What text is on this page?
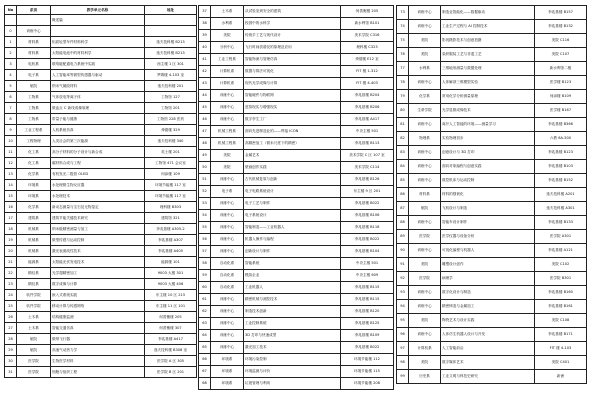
No	系别	教学单元名称	地址
		概述篇	
0	训练中心		
1	材料系	铝质轻型车件材料科学	逸夫技科楼 B213
2	材料系	太阳能电池中的材料科学	逸夫技科楼 B213
3	电机系	联络磁配通电力系统中实践	西主楼 1 区 301
4	电子系	人工智能率等微型传感器与驱动	罗姆楼 4-103 室
5	航院	纳米气凝胶材料	逸夫技科楼 201
6	工物系	气体放电等离子体	工物馆 127
7	工物系	微血点 C 新线成像原理	工物馆 201
8	工物系	带量子能与健康	工物馆 228 医药
9	工业工程系	人机系统仿真	舜德楼 329
10	工程物理	人类社会的第三次能源	逸夫技科楼 340
11	化工系	高分子材料的分子设计与新合成	英士楼 201
12	化工系	碳材料合成与工程	工物馆 471 会议室
13	化学系	有机发光二极管 OLED	何添楼 109
14	环境系	水处理微生物反应器	环境节能楼 117 室
15	环境系	水处理技术	环境节能楼 117 室
16	化学系	新动态测量与宝石及无物鉴定	理科楼 B303
17	建筑系	建筑节能关键技术研究	建筑馆 321
18	机械系	纳米级精密测量与加工	李兆基楼 A305-2
19	机械系	微型传感与运动控制	李兆基楼 A307
20	机械系	激光表面改性技术	李兆基楼 A405
21	能源系	太阳能光伏发电技术	能源楼 101
22	精仪系	光学超精密加工	9003 大楼 301
23	精仪系	数字成像与计算	9003 大楼 406
24	软件学院	嵌入式系统实践	东主楼 10 区 215
25	软件学院	移动计算与传感网络	东主楼 11 区 101
26	土木系	结构健康监测	何善衡楼 205
27	土木系	智能交通仿真	何善衡楼 307
28	航院	微纳飞行器	李兆基楼 A417
29	航院	高速气动热力学	逸夫技科楼 B308 室
30	医学院	生物医学材料	医学院 A 区 305
31	医学院	细胞与组织工程	医学院 B 区 201
37	土木系	从试验室到安全的建筑	何善衡楼 205
38	水利系	校园中的水科学	新水利馆 B101
39	美院	传统手工艺与现代设计	美术学院 C316
40	分析中心	飞行时间质谱仪的原理及应用	理科楼 C323
41	工业工程系	智能物流与管理仿真	舜德楼 E12 室
42	计算机系	数据与算法可视化	FIT 楼 1-312
43	计算机系	现代光学成像与计算	FIT 楼 4-403
44	训练中心	智能硬件与物联网	李兆基楼 B204
45	训练中心	虚拟现实与增强现实	李兆基楼 B206
46	训练中心	数字孪生工厂	李兆基楼 A417
47	机械工程系	面向先进制造业的——焊接 ICON	中央主楼 501
48	机械工程系	高精密加工（微米尺度下的精密）	李兆基楼 B113
49	美院	金属艺术	美术学院 C 区 107 室
50	美院	壁画创作实践	美术学院 C114
51	训练中心	古代机械复原与创新	李兆基楼 B126
52	电子系	电子电路系统设计	东主楼 9 区 201
53	训练中心	电子工艺与制作	李兆基楼 B022
54	训练中心	电子系统设计	李兆基楼 B106
55	训练中心	智能制造——工业机器人	李兆基楼 B118
56	训练中心	机器人操作与编程	李兆基楼 B022
57	训练中心	创新设计与制作	李兆基楼 B104
58	自动化系	智能系统	中央主楼 501
59	自动化系	模拟企业	中央主楼 609
60	自动化系	工业机器人	李兆基楼 B115
61	训练中心	精密机械与测控技术	李兆基楼 B115
62	训练中心	制造技术创新	李兆基楼 B120
63	训练中心	工业控制系统	李兆基楼 B125
64	训练中心	3D 打印与快速成型	李兆基楼 B109
65	训练中心	激光加工技术	李兆基楼 B022
66	环境系	环境污染控制	环境节能楼 112
67	环境系	环境监测与评价	环境节能楼 115
68	环境系	垃圾管理与利用	环境节能楼 208
73	训练中心	制造业智能化——数据驱动	李兆基楼 B157
74	训练中心	工业生产过程与 AI 控制技术	李兆基楼 B132
75	美院	影视摄影技术与创意拍摄	美院 C116
76	美院	染织服装工艺与非遗工艺	美院 C107
77	水利系	三维地形测量与数据处理	新水利馆二楼
78	训练中心	人体解剖三维模型实验	医学楼 B123
79	化学系	常用化学分析测量原理	何添楼 B109
80	生命学院	光学显微成像技术	医学楼 B167
81	训练中心	离开人工智能的环境——测量学习	李兆基楼 B366
82	物理系	实验物理初步	六教 6A-500
83	训练中心	创意设计与 3D 打印	李兆基楼 B123
84	训练中心	面向对象编程与创意实践	李兆基楼 B103
85	训练中心	数控机床与运动控制	李兆基楼 B152
86	材料系	材料的强韧化	逸夫技科楼 A201
87	航院	飞机设计与制造	逸夫技科楼 A301
88	训练中心	智能车设计制作	李兆基楼 B133
89	医学院	医学仪器与设备分析	医学院 A301
90	训练中心	可视化编程与机器人	李兆基楼 A121
91	美院	雕塑设计创作	美院 C102
92	医学院	病理学	医学院 B301
93	训练中心	数字化设计与制造	李兆基楼 B160
94	训练中心	精密铸造与金属加工	李兆基楼 B161
95	美院	陶瓷艺术与设计实践	美院 C108
96	训练中心	人体仿生机器人设计与开发	李兆基楼 B171
97	计算机系	人工智能前沿	FIT 楼 4-103
98	美院	数字媒体艺术	美院 C401
99	历史系	工业文明与科技史研究	新斋
